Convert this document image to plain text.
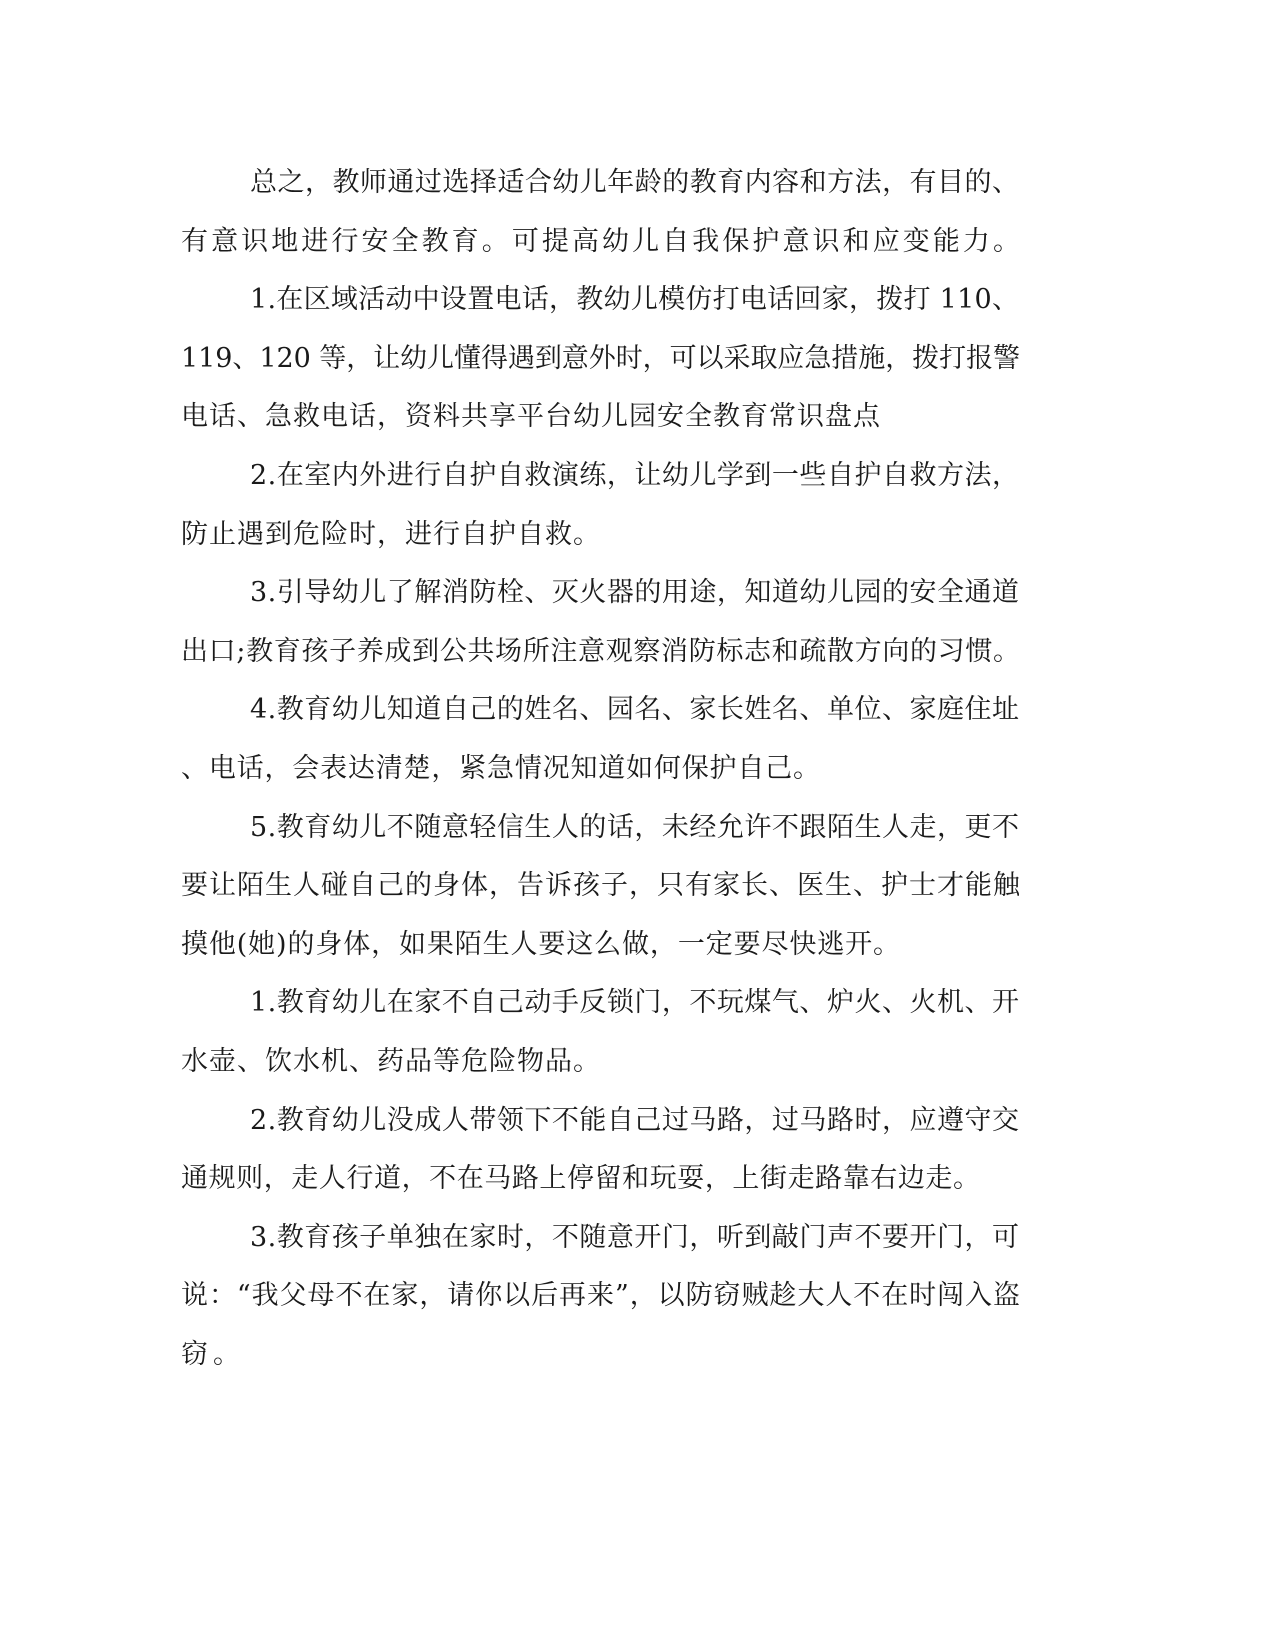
总之，教师通过选择适合幼儿年龄的教育内容和方法，有目的、
有意识地进行安全教育。可提高幼儿自我保护意识和应变能力。
1.在区域活动中设置电话，教幼儿模仿打电话回家，拨打 110、
119、120 等，让幼儿懂得遇到意外时，可以采取应急措施，拨打报警
电话、急救电话，资料共享平台幼儿园安全教育常识盘点
2.在室内外进行自护自救演练，让幼儿学到一些自护自救方法，
防止遇到危险时，进行自护自救。
3.引导幼儿了解消防栓、灭火器的用途，知道幼儿园的安全通道
出口;教育孩子养成到公共场所注意观察消防标志和疏散方向的习惯。
4.教育幼儿知道自己的姓名、园名、家长姓名、单位、家庭住址
、电话，会表达清楚，紧急情况知道如何保护自己。
5.教育幼儿不随意轻信生人的话，未经允许不跟陌生人走，更不
要让陌生人碰自己的身体，告诉孩子，只有家长、医生、护士才能触
摸他(她)的身体，如果陌生人要这么做，一定要尽快逃开。
1.教育幼儿在家不自己动手反锁门，不玩煤气、炉火、火机、开
水壶、饮水机、药品等危险物品。
2.教育幼儿没成人带领下不能自己过马路，过马路时，应遵守交
通规则，走人行道，不在马路上停留和玩耍，上街走路靠右边走。
3.教育孩子单独在家时，不随意开门，听到敲门声不要开门，可
说：“我父母不在家，请你以后再来”，以防窃贼趁大人不在时闯入盗
窃。
